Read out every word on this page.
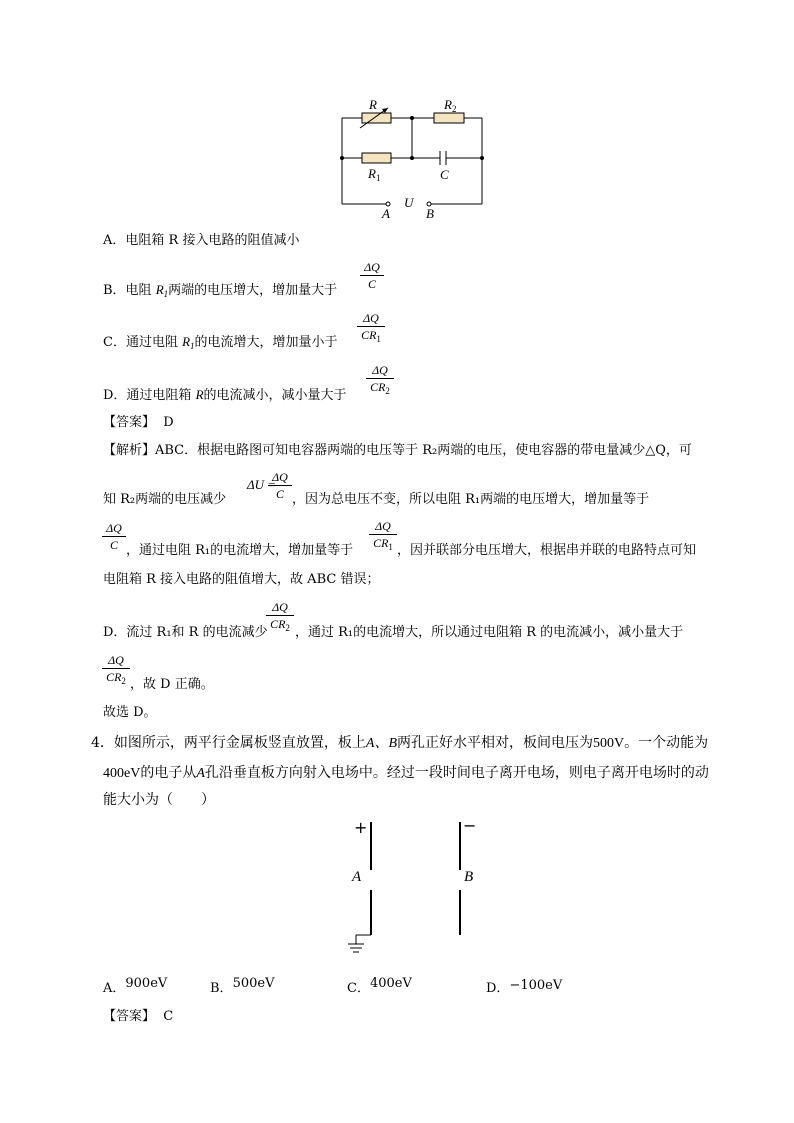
R	$R_2$
$R_1$	C
A
U
B
A．电阻箱 R 接入电路的阻值减小
B．电阻 $R_1$两端的电压增大，增加量大于
ΔQ
C
C．通过电阻 $R_1$的电流增大，增加量小于
ΔQ
$CR_1$
D．通过电阻箱 R的电流减小，减小量大于
ΔQ
$CR_2$
【答案】 D
【解析】ABC．根据电路图可知电容器两端的电压等于 R₂两端的电压，使电容器的带电量减少△Q，可
知 R₂两端的电压减少
ΔU =
ΔQ
C ，因为总电压不变，所以电阻 R₁两端的电压增大，增加量等于
ΔQ
C ，通过电阻 R₁的电流增大，增加量等于
ΔQ
$CR_1$ ，因并联部分电压增大，根据串并联的电路特点可知
电阻箱 R 接入电路的阻值增大，故 ABC 错误；
D．流过 R₁和 R 的电流减少
ΔQ
$CR_2$ ，通过 R₁的电流增大，所以通过电阻箱 R 的电流减小，减小量大于
ΔQ
$CR_2$ ，故 D 正确。
故选 D。
4．如图所示，两平行金属板竖直放置，板上A、B两孔正好水平相对，板间电压为500V。一个动能为
400eV的电子从A孔沿垂直板方向射入电场中。经过一段时间电子离开电场，则电子离开电场时的动
能大小为（　　）
+	−
A	B
A．900eV	B．500eV	C．400eV	D．−100eV
【答案】 C
